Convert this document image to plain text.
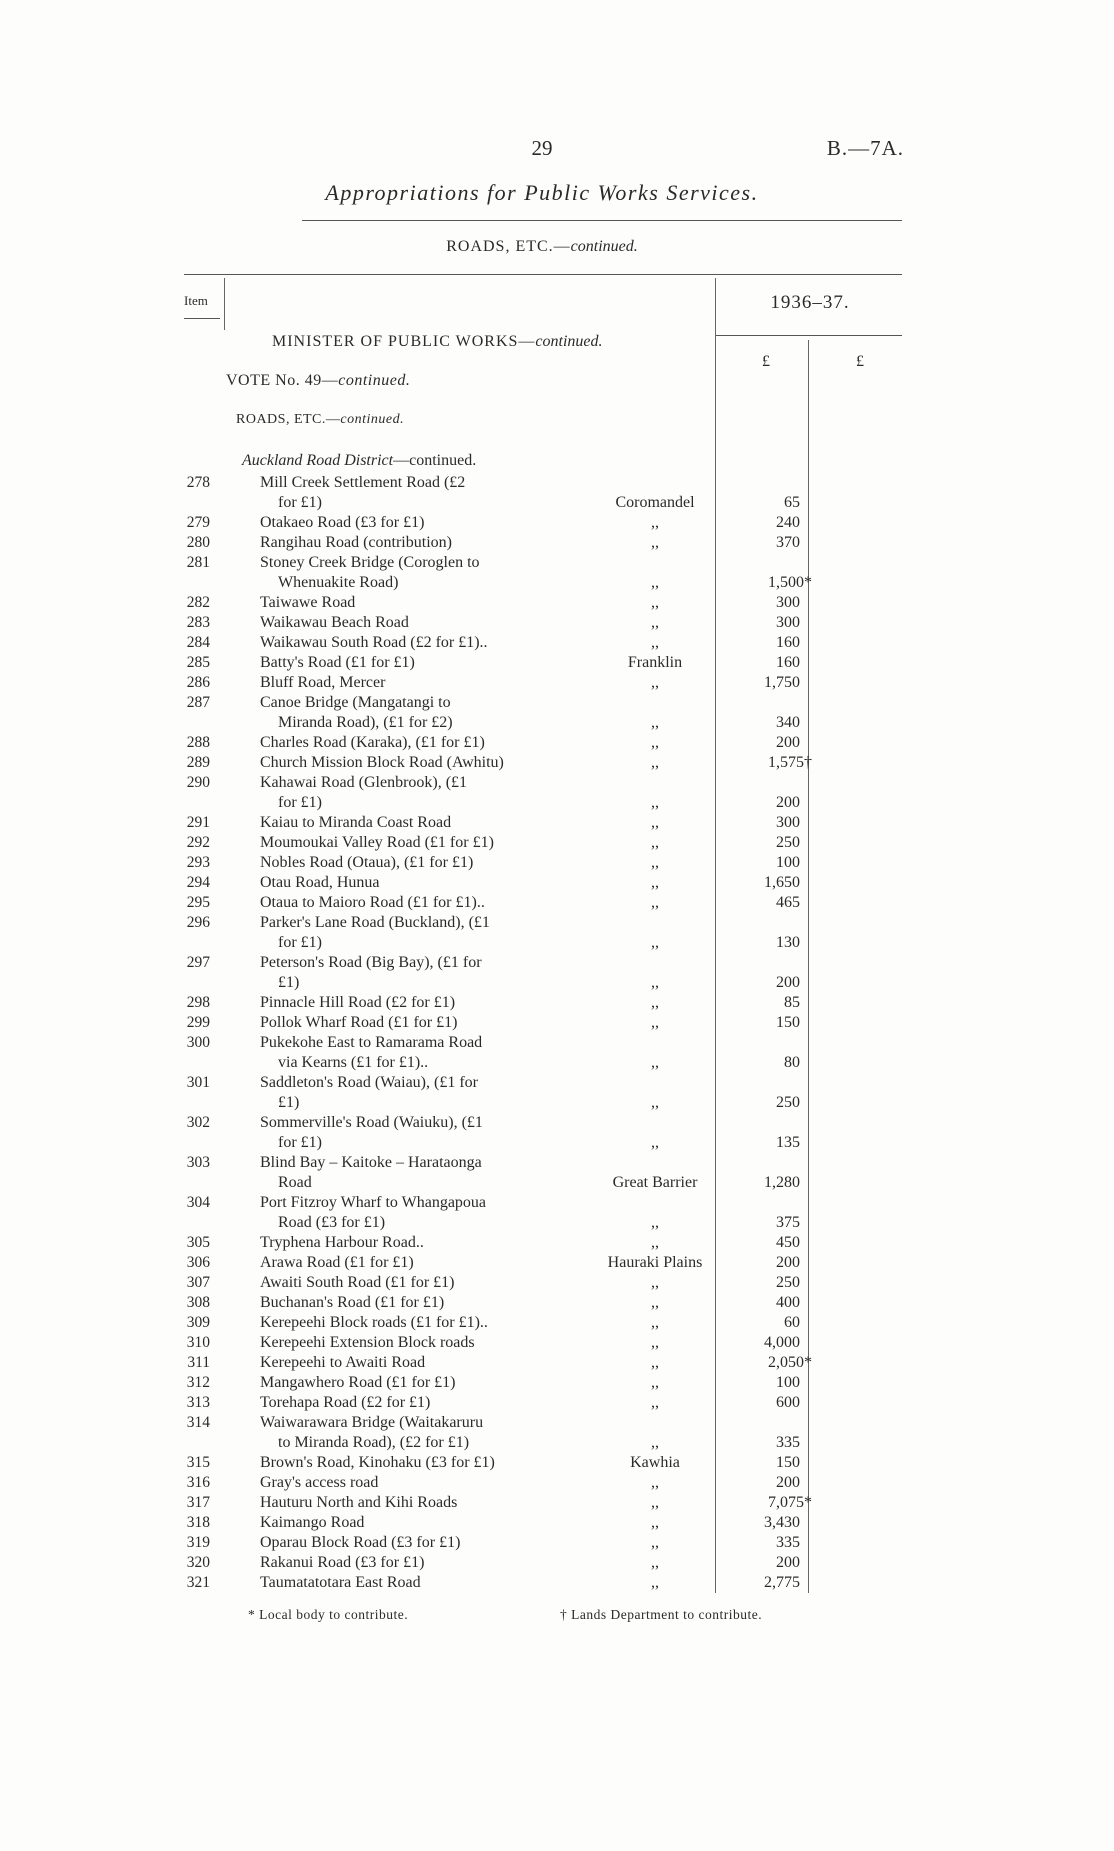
29	B.—7A.
Appropriations for Public Works Services.
ROADS, ETC.—continued.
Item	1936–37.
£	£
MINISTER OF PUBLIC WORKS—continued.
VOTE No. 49—continued.
ROADS, ETC.—continued.
Auckland Road District—continued.
278	Mill Creek Settlement Road (£2
for £1)	Coromandel	65
279	Otakaeo Road (£3 for £1)	,,	240
280	Rangihau Road (contribution)	,,	370
281	Stoney Creek Bridge (Coroglen to
Whenuakite Road)	,,	1,500*
282	Taiwawe Road	,,	300
283	Waikawau Beach Road	,,	300
284	Waikawau South Road (£2 for £1)..	,,	160
285	Batty's Road (£1 for £1)	Franklin	160
286	Bluff Road, Mercer	,,	1,750
287	Canoe Bridge (Mangatangi to
Miranda Road), (£1 for £2)	,,	340
288	Charles Road (Karaka), (£1 for £1)	,,	200
289	Church Mission Block Road (Awhitu)	,,	1,575†
290	Kahawai Road (Glenbrook), (£1
for £1)	,,	200
291	Kaiau to Miranda Coast Road	,,	300
292	Moumoukai Valley Road (£1 for £1)	,,	250
293	Nobles Road (Otaua), (£1 for £1)	,,	100
294	Otau Road, Hunua	,,	1,650
295	Otaua to Maioro Road (£1 for £1)..	,,	465
296	Parker's Lane Road (Buckland), (£1
for £1)	,,	130
297	Peterson's Road (Big Bay), (£1 for
£1)	,,	200
298	Pinnacle Hill Road (£2 for £1)	,,	85
299	Pollok Wharf Road (£1 for £1)	,,	150
300	Pukekohe East to Ramarama Road
via Kearns (£1 for £1)..	,,	80
301	Saddleton's Road (Waiau), (£1 for
£1)	,,	250
302	Sommerville's Road (Waiuku), (£1
for £1)	,,	135
303	Blind Bay – Kaitoke – Harataonga
Road	Great Barrier	1,280
304	Port Fitzroy Wharf to Whangapoua
Road (£3 for £1)	,,	375
305	Tryphena Harbour Road..	,,	450
306	Arawa Road (£1 for £1)	Hauraki Plains	200
307	Awaiti South Road (£1 for £1)	,,	250
308	Buchanan's Road (£1 for £1)	,,	400
309	Kerepeehi Block roads (£1 for £1)..	,,	60
310	Kerepeehi Extension Block roads	,,	4,000
311	Kerepeehi to Awaiti Road	,,	2,050*
312	Mangawhero Road (£1 for £1)	,,	100
313	Torehapa Road (£2 for £1)	,,	600
314	Waiwarawara Bridge (Waitakaruru
to Miranda Road), (£2 for £1)	,,	335
315	Brown's Road, Kinohaku (£3 for £1)	Kawhia	150
316	Gray's access road	,,	200
317	Hauturu North and Kihi Roads	,,	7,075*
318	Kaimango Road	,,	3,430
319	Oparau Block Road (£3 for £1)	,,	335
320	Rakanui Road (£3 for £1)	,,	200
321	Taumatatotara East Road	,,	2,775
* Local body to contribute.	† Lands Department to contribute.
